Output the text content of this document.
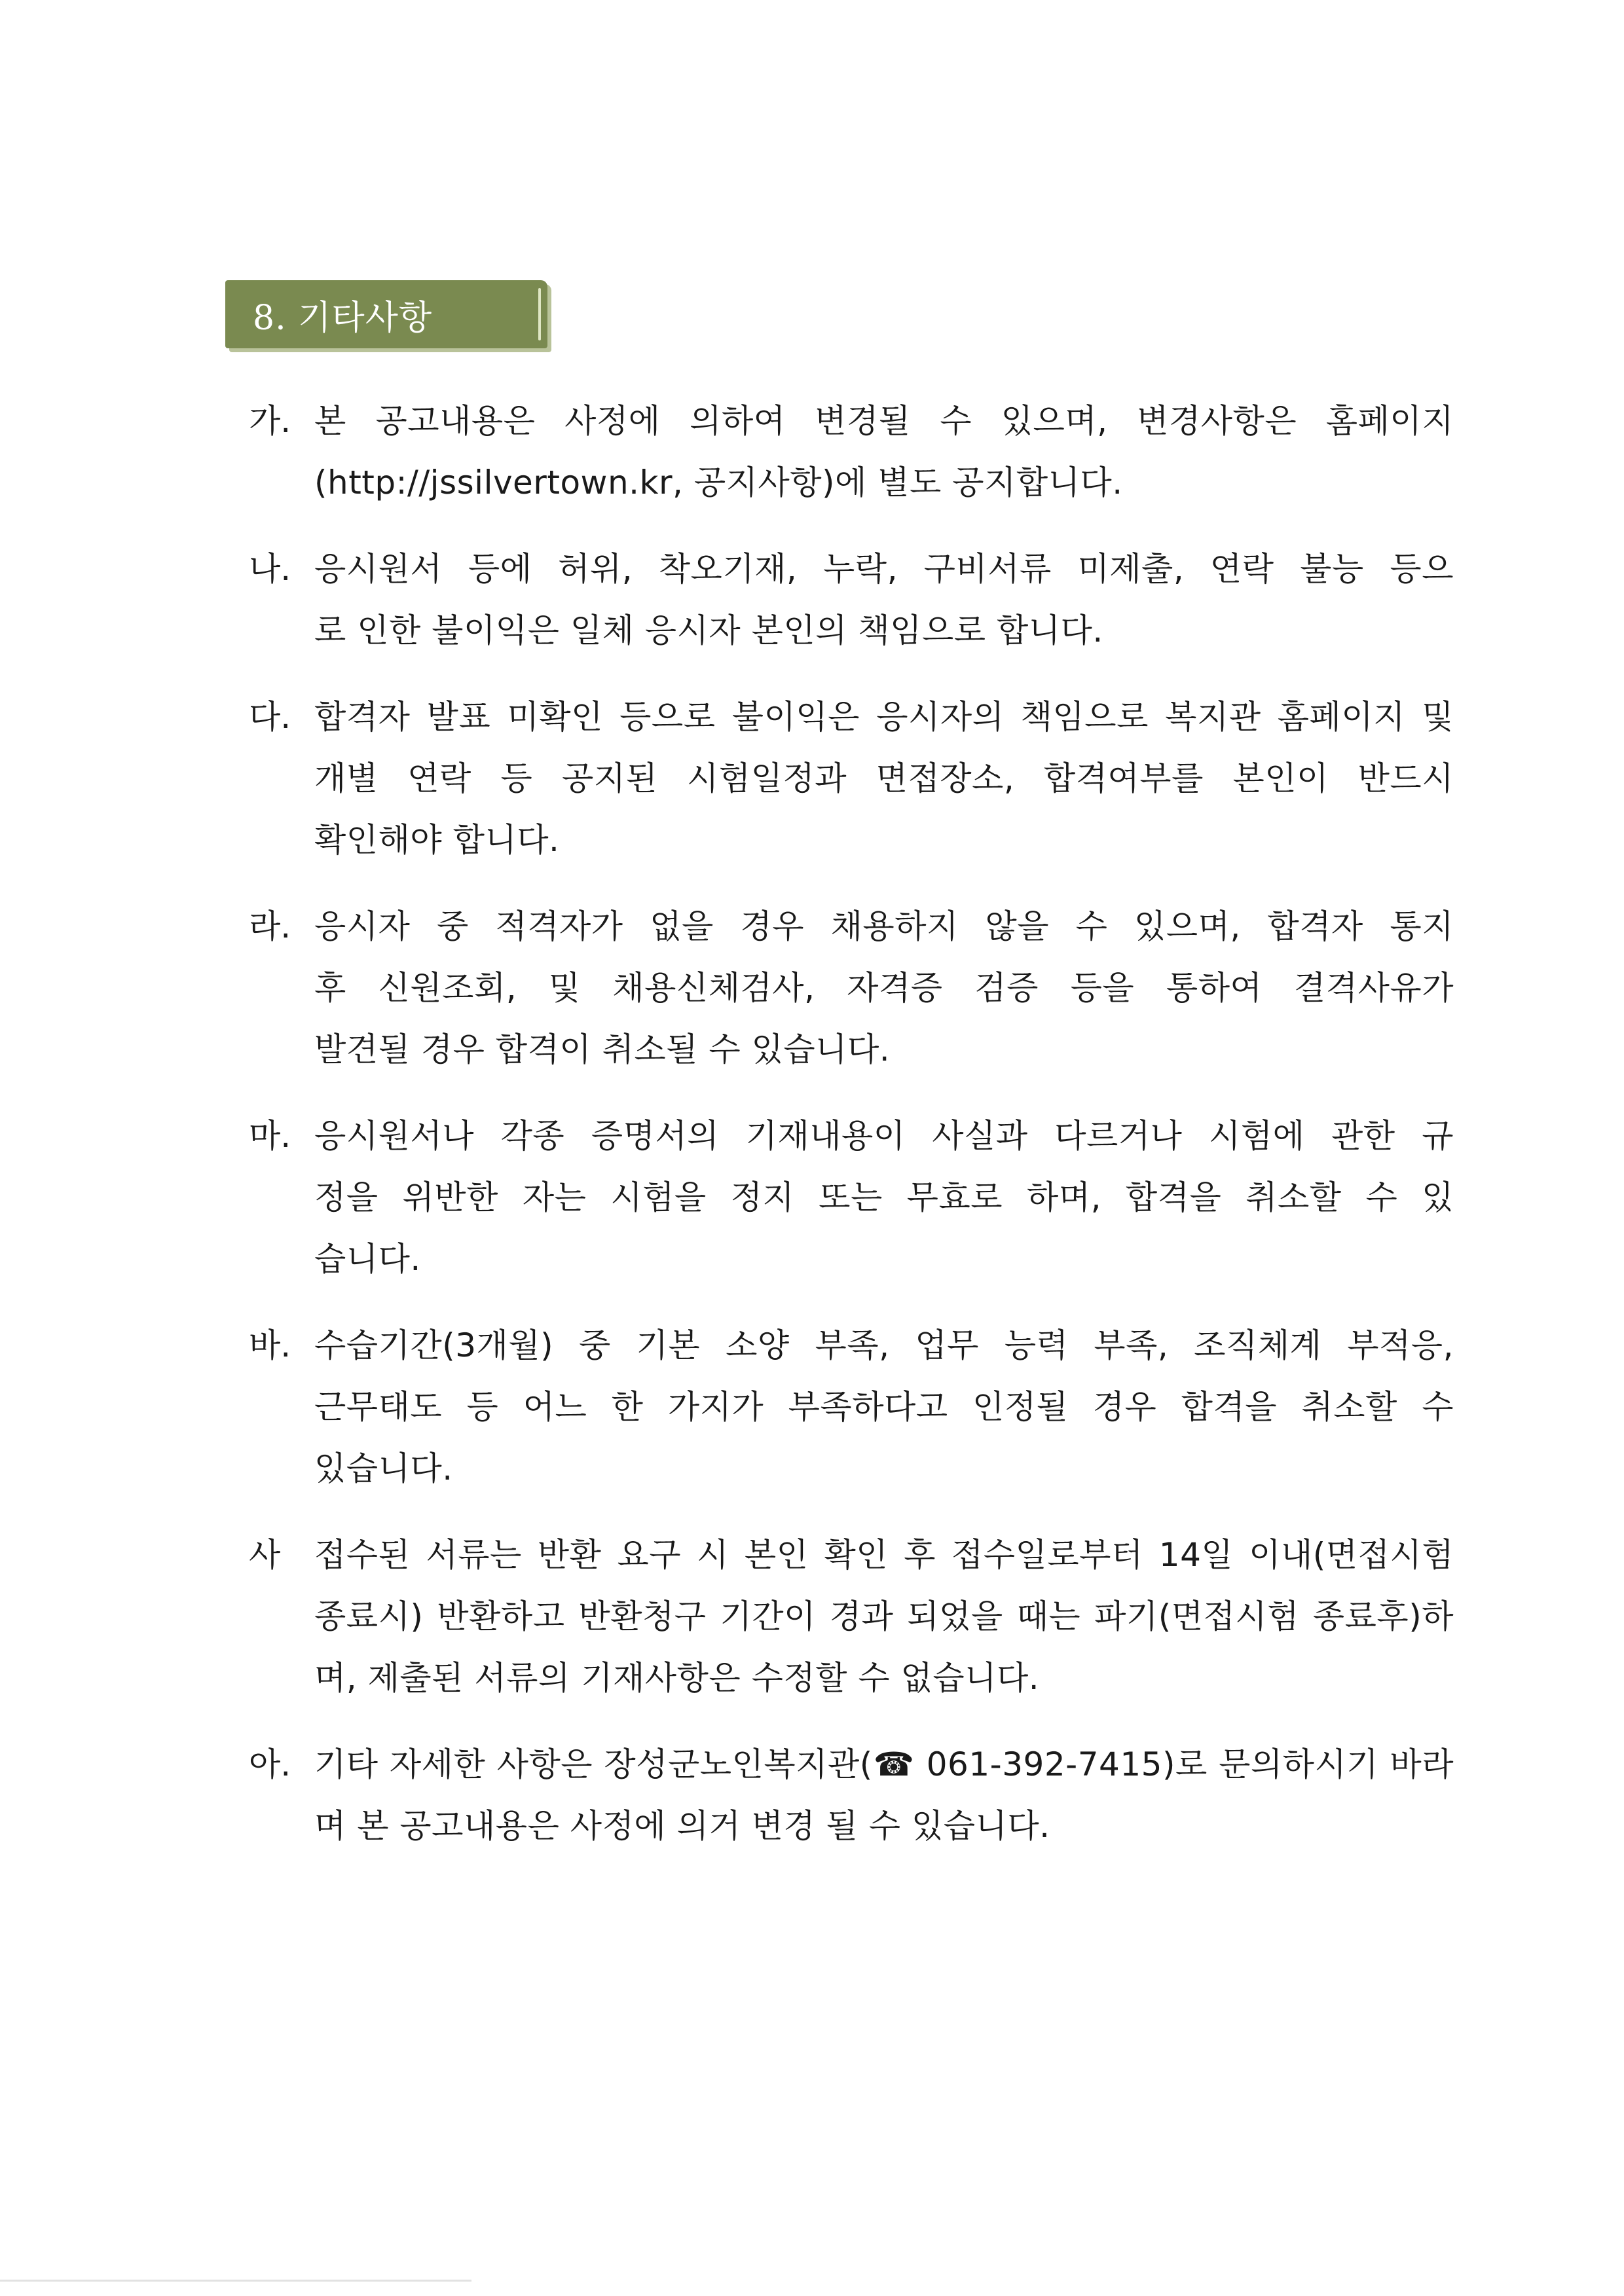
8. 기타사항
가. 본 공고내용은 사정에 의하여 변경될 수 있으며, 변경사항은 홈페이지
(http://jssilvertown.kr, 공지사항)에 별도 공지합니다.
나. 응시원서 등에 허위, 착오기재, 누락, 구비서류 미제출, 연락 불능 등으
로 인한 불이익은 일체 응시자 본인의 책임으로 합니다.
다. 합격자 발표 미확인 등으로 불이익은 응시자의 책임으로 복지관 홈페이지 및
개별 연락 등 공지된 시험일정과 면접장소, 합격여부를 본인이 반드시
확인해야 합니다.
라. 응시자 중 적격자가 없을 경우 채용하지 않을 수 있으며, 합격자 통지
후 신원조회, 및 채용신체검사, 자격증 검증 등을 통하여 결격사유가
발견될 경우 합격이 취소될 수 있습니다.
마. 응시원서나 각종 증명서의 기재내용이 사실과 다르거나 시험에 관한 규
정을 위반한 자는 시험을 정지 또는 무효로 하며, 합격을 취소할 수 있
습니다.
바. 수습기간(3개월) 중 기본 소양 부족, 업무 능력 부족, 조직체계 부적응,
근무태도 등 어느 한 가지가 부족하다고 인정될 경우 합격을 취소할 수
있습니다.
사	접수된 서류는 반환 요구 시 본인 확인 후 접수일로부터 14일 이내(면접시험
종료시) 반환하고 반환청구 기간이 경과 되었을 때는 파기(면접시험 종료후)하
며, 제출된 서류의 기재사항은 수정할 수 없습니다.
아. 기타 자세한 사항은 장성군노인복지관(☎ 061-392-7415)로 문의하시기 바라
며 본 공고내용은 사정에 의거 변경 될 수 있습니다.
